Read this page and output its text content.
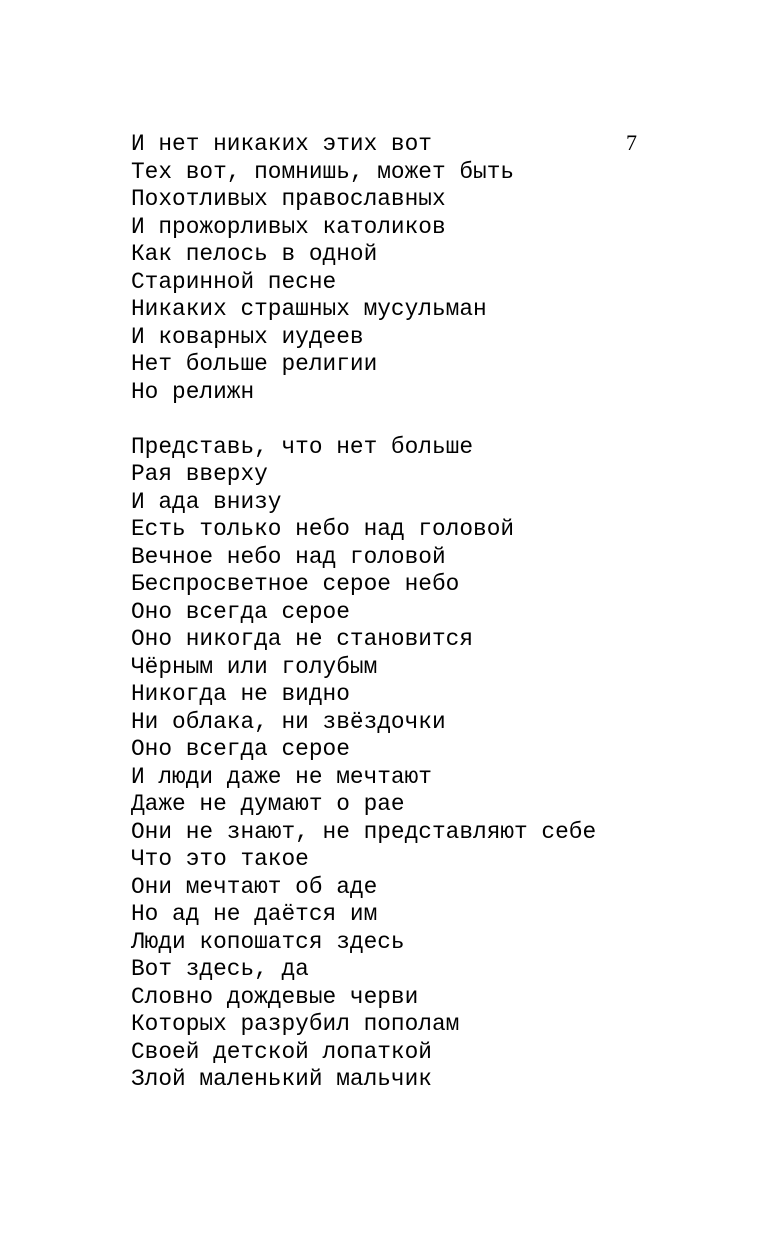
7
И нет никаких этих вот
Тех вот, помнишь, может быть
Похотливых православных
И прожорливых католиков
Как пелось в одной
Старинной песне
Никаких страшных мусульман
И коварных иудеев
Нет больше религии
Но релижн
Представь, что нет больше
Рая вверху
И ада внизу
Есть только небо над головой
Вечное небо над головой
Беспросветное серое небо
Оно всегда серое
Оно никогда не становится
Чёрным или голубым
Никогда не видно
Ни облака, ни звёздочки
Оно всегда серое
И люди даже не мечтают
Даже не думают о рае
Они не знают, не представляют себе
Что это такое
Они мечтают об аде
Но ад не даётся им
Люди копошатся здесь
Вот здесь, да
Словно дождевые черви
Которых разрубил пополам
Своей детской лопаткой
Злой маленький мальчик
